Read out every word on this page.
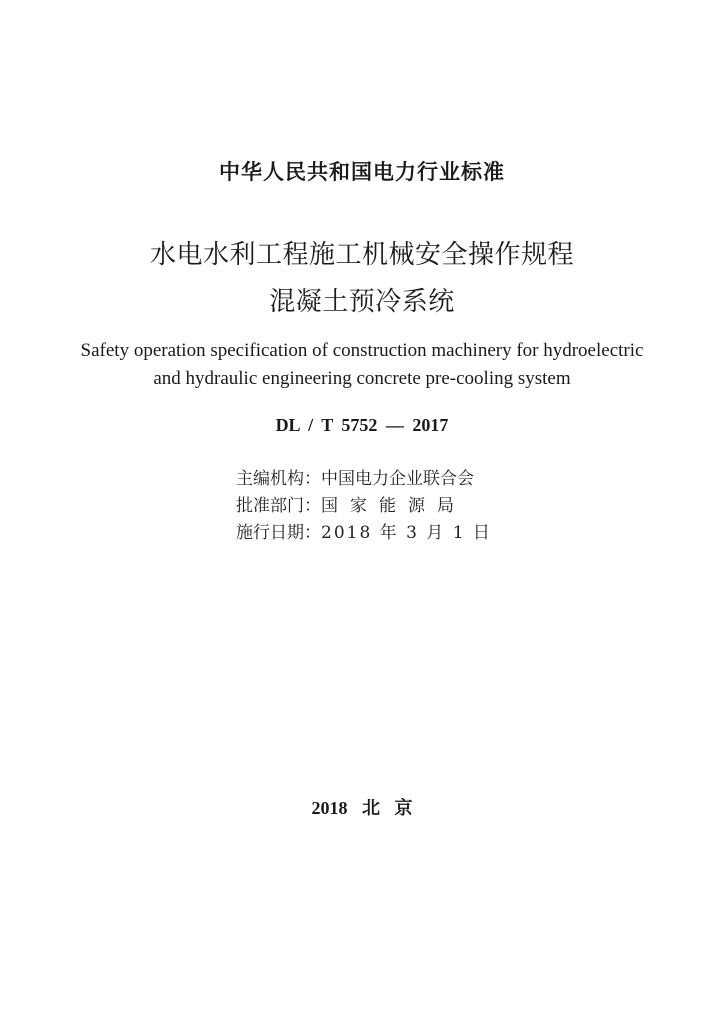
中华人民共和国电力行业标准
水电水利工程施工机械安全操作规程
混凝土预冷系统
Safety operation specification of construction machinery for hydroelectric
and hydraulic engineering concrete pre-cooling system
DL / T 5752 — 2017
主编机构：中国电力企业联合会
批准部门：国家能源局
施行日期：2018 年 3 月 1 日
2018 北 京
